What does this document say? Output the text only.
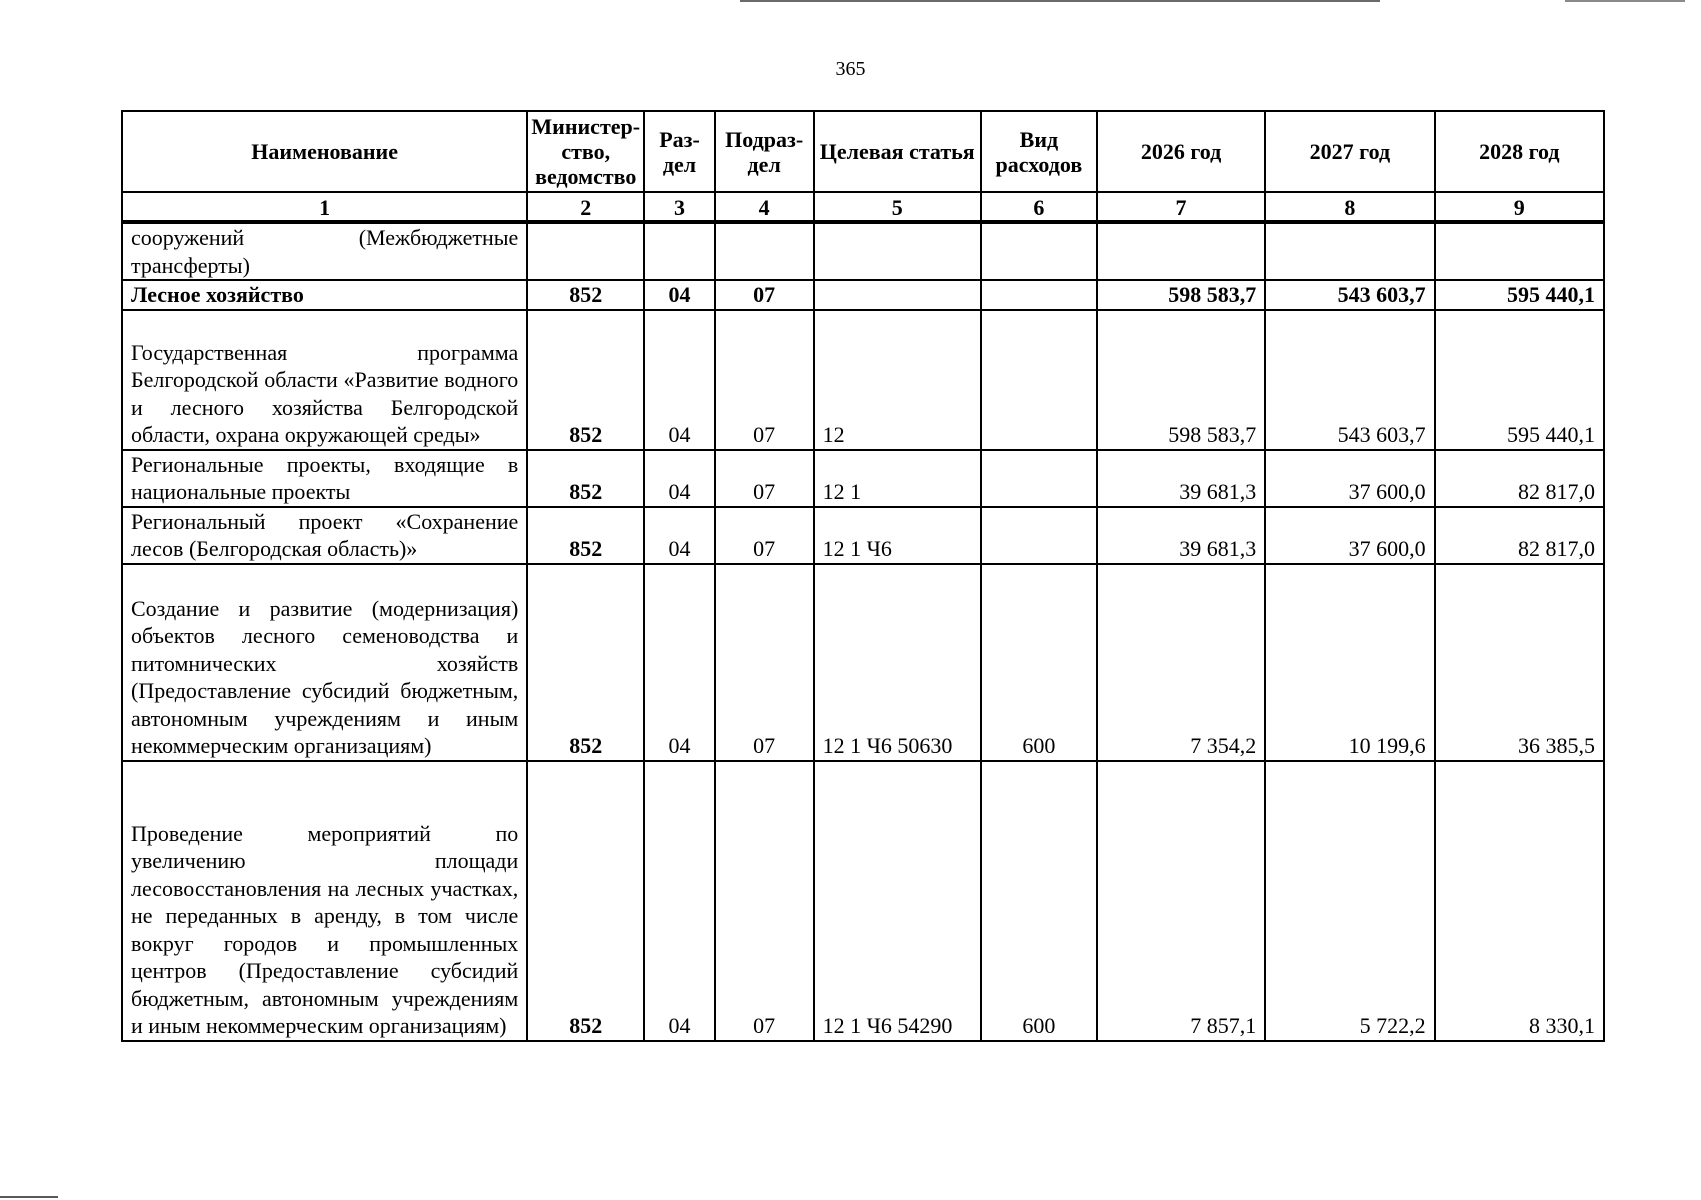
365
Наименование	Министер-ство, ведомство	Раз-дел	Подраз-дел	Целевая статья	Вид расходов	2026 год	2027 год	2028 год
1	2	3	4	5	6	7	8	9
сооружений (Межбюджетные трансферты)								
Лесное хозяйство	852	04	07			598 583,7	543 603,7	595 440,1
Государственная программа Белгородской области «Развитие водного и лесного хозяйства Белгородской области, охрана окружающей среды»	852	04	07	12		598 583,7	543 603,7	595 440,1
Региональные проекты, входящие в национальные проекты	852	04	07	12 1		39 681,3	37 600,0	82 817,0
Региональный проект «Сохранение лесов (Белгородская область)»	852	04	07	12 1 Ч6		39 681,3	37 600,0	82 817,0
Создание и развитие (модернизация) объектов лесного семеноводства и питомнических хозяйств (Предоставление субсидий бюджетным, автономным учреждениям и иным некоммерческим организациям)	852	04	07	12 1 Ч6 50630	600	7 354,2	10 199,6	36 385,5
Проведение мероприятий по увеличению площади лесовосстановления на лесных участках, не переданных в аренду, в том числе вокруг городов и промышленных центров (Предоставление субсидий бюджетным, автономным учреждениям и иным некоммерческим организациям)	852	04	07	12 1 Ч6 54290	600	7 857,1	5 722,2	8 330,1
